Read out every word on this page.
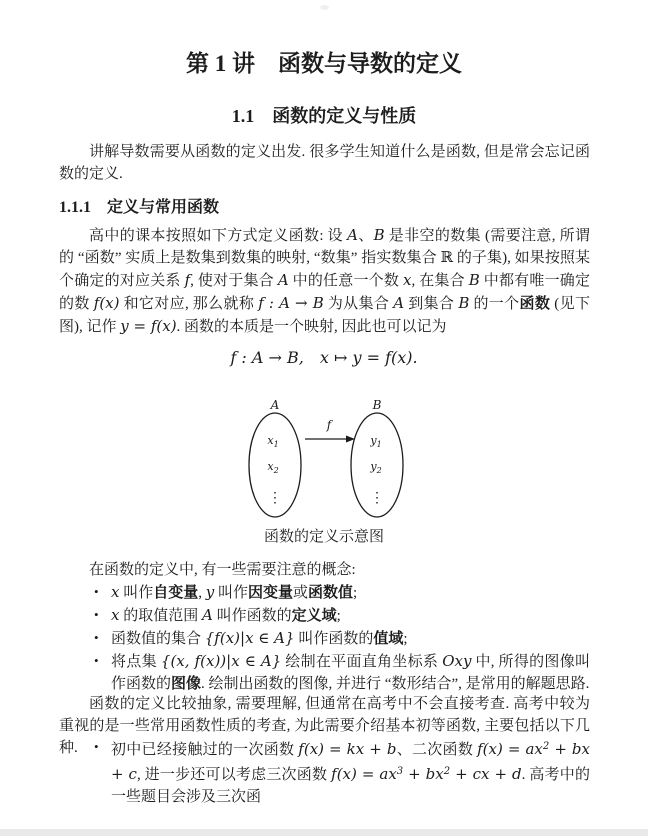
第 1 讲　函数与导数的定义
1.1　函数的定义与性质

讲解导数需要从函数的定义出发. 很多学生知道什么是函数, 但是常会忘记函数的定义.

1.1.1　定义与常用函数

高中的课本按照如下方式定义函数: 设 A、B 是非空的数集 (需要注意, 所谓的 “函数” 实质上是数集到数集的映射, “数集” 指实数集合 ℝ 的子集), 如果按照某个确定的对应关系 f, 使对于集合 A 中的任意一个数 x, 在集合 B 中都有唯一确定的数 f(x) 和它对应, 那么就称 f : A → B 为从集合 A 到集合 B 的一个函数 (见下图), 记作 y = f(x). 函数的本质是一个映射, 因此也可以记为

f : A → B,  x ↦ y = f(x).
A	B
$x_1$
$x_2$
⋮
$y_1$
$y_2$
⋮
f
函数的定义示意图

在函数的定义中, 有一些需要注意的概念:

• x 叫作自变量, y 叫作因变量或函数值;
• x 的取值范围 A 叫作函数的定义域;
• 函数值的集合 {f(x)|x ∈ A} 叫作函数的值域;
• 将点集 {(x, f(x))|x ∈ A} 绘制在平面直角坐标系 Oxy 中, 所得的图像叫作函数的图像. 绘制出函数的图像, 并进行 “数形结合”, 是常用的解题思路.

函数的定义比较抽象, 需要理解, 但通常在高考中不会直接考查. 高考中较为重视的是一些常用函数性质的考查, 为此需要介绍基本初等函数, 主要包括以下几种.	• 初中已经接触过的一次函数 f(x) = kx + b、二次函数 $f(x) = ax^2$ + bx + c, 进一步还可以考虑三次函数 $f(x) = ax^3 + bx^2$ + cx + d. 高考中的一些题目会涉及三次函
